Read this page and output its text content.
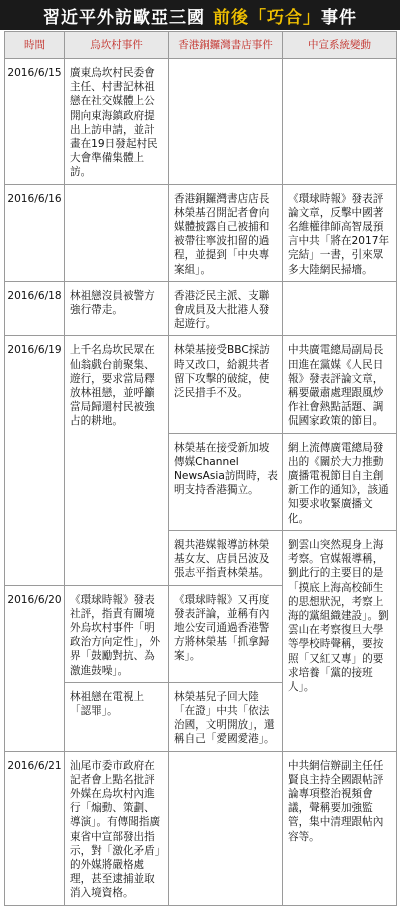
習近平外訪歐亞三國 前後「巧合」 事件
時間	烏坎村事件	香港銅鑼灣書店事件	中宣系統變動
2016/6/15	廣東烏坎村民委會主任、村書記林祖戀在社交媒體上公開向東海鎮政府提出上訪申請，並計畫在19日發起村民大會準備集體上訪。		
2016/6/16		香港銅鑼灣書店店長林榮基召開記者會向媒體披露自己被捕和被帶往寧波扣留的過程，並提到「中央專案組」。	《環球時報》發表評論文章，反擊中國著名維權律師高智晟預言中共「將在2017年完結」一書，引來眾多大陸網民掃墻。
2016/6/18	林祖戀沒員被警方強行帶走。	香港泛民主派、支聯會成員及大批港人發起遊行。	
2016/6/19	上千名烏坎民眾在仙翁戲台前聚集、遊行，要求當局釋放林祖戀，並呼籲當局歸還村民被強占的耕地。	林榮基接受BBC採訪時又改口，給親共者留下攻擊的破綻，使泛民措手不及。	中共廣電總局副局長田進在黨媒《人民日報》發表評論文章，稱要嚴肅處理跟風炒作社會熱點話題、調侃國家政策的節目。
		林榮基在接受新加坡傳媒Channel NewsAsia訪問時，表明支持香港獨立。	網上流傳廣電總局發出的《關於大力推動廣播電視節目自主創新工作的通知》，該通知要求收緊廣播文化。
		親共港媒報導訪林榮基女友、店員呂波及張志平指責林榮基。	劉雲山突然現身上海考察。官媒報導稱，劉此行的主要目的是「摸底上海高校師生的思想狀況，考察上海的黨組織建設」。劉雲山在考察復旦大學等學校時聲稱，要按照「又紅又專」的要求培養「黨的接班人」。
2016/6/20	《環球時報》發表社評，指責有關境外烏坎村事件「明政治方向定性」，外界「鼓勵對抗、為激進鼓噪」。	《環球時報》又再度發表評論，並稱有內地公安司通過香港警方將林榮基「抓拿歸案」。	
	林祖戀在電視上「認罪」。	林榮基兒子回大陸「在證」中共「依法治國，文明開放」，還稱自己「愛國愛港」。	
2016/6/21	汕尾市委市政府在記者會上點名批評外媒在烏坎村內進行「煽動、策劃、導演」。有傳聞指廣東省中宣部發出指示，對「激化矛盾」的外媒將嚴格處理，甚至逮捕並取消入境資格。		中共網信辦副主任任賢良主持全國跟帖評論專項整治視頻會議，聲稱要加強監管，集中清理跟帖內容等。
